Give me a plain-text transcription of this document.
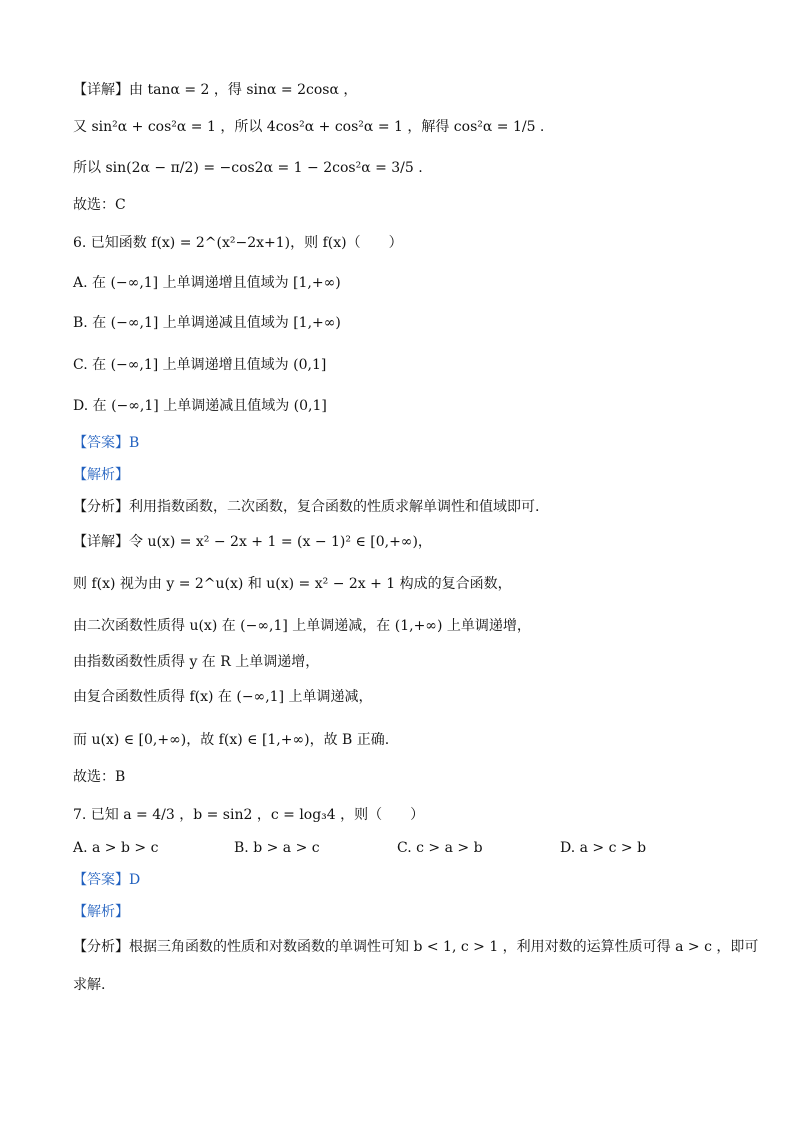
【详解】由 tanα = 2 ，得 sinα = 2cosα ，
又 sin²α + cos²α = 1 ，所以 4cos²α + cos²α = 1 ，解得 cos²α = 1/5 .
所以 sin(2α − π/2) = −cos2α = 1 − 2cos²α = 3/5 .
故选：C
6. 已知函数 f(x) = 2^(x²−2x+1)，则 f(x)（　　）
A. 在 (−∞,1] 上单调递增且值域为 [1,+∞)
B. 在 (−∞,1] 上单调递减且值域为 [1,+∞)
C. 在 (−∞,1] 上单调递增且值域为 (0,1]
D. 在 (−∞,1] 上单调递减且值域为 (0,1]
【答案】B
【解析】
【分析】利用指数函数，二次函数，复合函数的性质求解单调性和值域即可.
【详解】令 u(x) = x² − 2x + 1 = (x − 1)² ∈ [0,+∞)，
则 f(x) 视为由 y = 2^u(x) 和 u(x) = x² − 2x + 1 构成的复合函数，
由二次函数性质得 u(x) 在 (−∞,1] 上单调递减，在 (1,+∞) 上单调递增，
由指数函数性质得 y 在 R 上单调递增，
由复合函数性质得 f(x) 在 (−∞,1] 上单调递减，
而 u(x) ∈ [0,+∞)，故 f(x) ∈ [1,+∞)，故 B 正确.
故选：B
7. 已知 a = 4/3 ，b = sin2 ，c = log₃4 ，则（　　）
A. a > b > c	B. b > a > c	C. c > a > b	D. a > c > b
【答案】D
【解析】
【分析】根据三角函数的性质和对数函数的单调性可知 b < 1, c > 1 ，利用对数的运算性质可得 a > c ，即可
求解.
